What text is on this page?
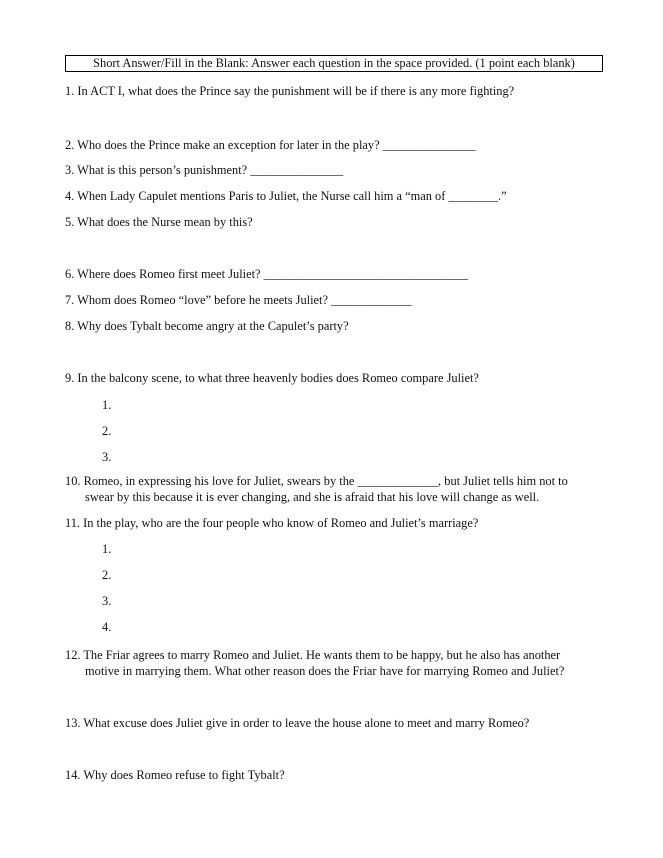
Short Answer/Fill in the Blank: Answer each question in the space provided. (1 point each blank)
1. In ACT I, what does the Prince say the punishment will be if there is any more fighting?
2. Who does the Prince make an exception for later in the play? _______________
3. What is this person’s punishment? _______________
4. When Lady Capulet mentions Paris to Juliet, the Nurse call him a “man of ________.”
5. What does the Nurse mean by this?
6. Where does Romeo first meet Juliet? _________________________________
7. Whom does Romeo “love” before he meets Juliet? _____________
8. Why does Tybalt become angry at the Capulet’s party?
9. In the balcony scene, to what three heavenly bodies does Romeo compare Juliet?
1.
2.
3.
10. Romeo, in expressing his love for Juliet, swears by the _____________, but Juliet tells him not to
swear by this because it is ever changing, and she is afraid that his love will change as well.
11. In the play, who are the four people who know of Romeo and Juliet’s marriage?
1.
2.
3.
4.
12. The Friar agrees to marry Romeo and Juliet. He wants them to be happy, but he also has another
motive in marrying them. What other reason does the Friar have for marrying Romeo and Juliet?
13. What excuse does Juliet give in order to leave the house alone to meet and marry Romeo?
14. Why does Romeo refuse to fight Tybalt?
